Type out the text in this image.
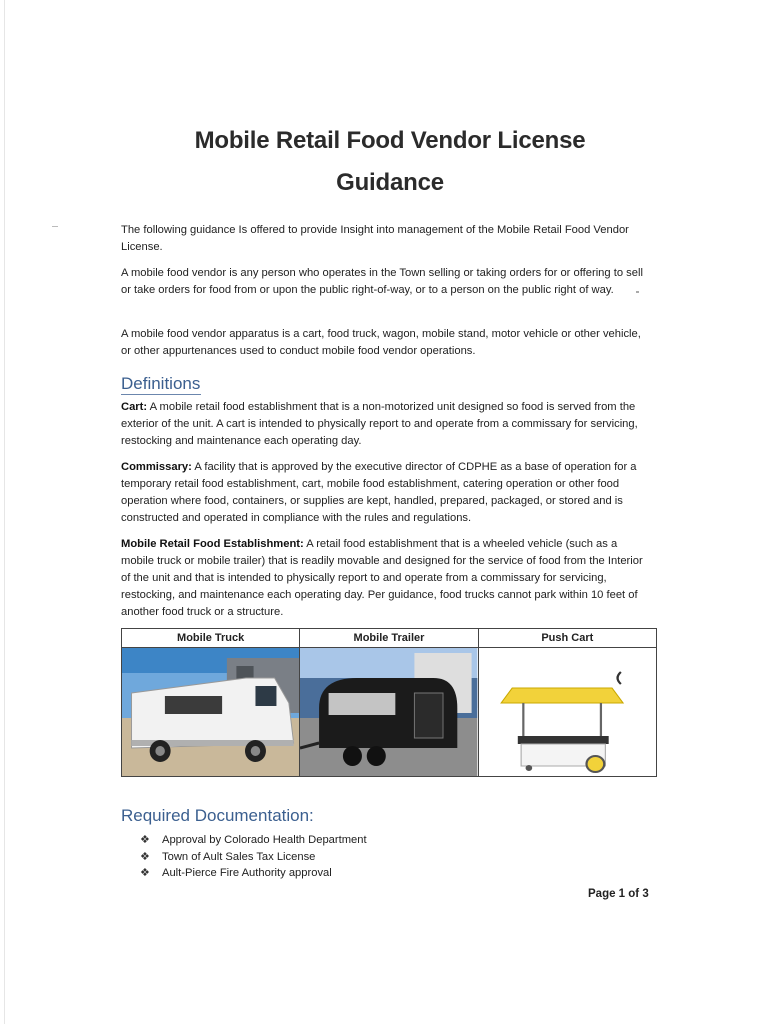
Mobile Retail Food Vendor License
Guidance
The following guidance Is offered to provide Insight into management of the Mobile Retail Food Vendor License.
A mobile food vendor is any person who operates in the Town selling or taking orders for or offering to sell or take orders for food from or upon the public right-of-way, or to a person on the public right of way.
A mobile food vendor apparatus is a cart, food truck, wagon, mobile stand, motor vehicle or other vehicle, or other appurtenances used to conduct mobile food vendor operations.
Definitions
Cart: A mobile retail food establishment that is a non-motorized unit designed so food is served from the exterior of the unit. A cart is intended to physically report to and operate from a commissary for servicing, restocking and maintenance each operating day.
Commissary: A facility that is approved by the executive director of CDPHE as a base of operation for a temporary retail food establishment, cart, mobile food establishment, catering operation or other food operation where food, containers, or supplies are kept, handled, prepared, packaged, or stored and is constructed and operated in compliance with the rules and regulations.
Mobile Retail Food Establishment: A retail food establishment that is a wheeled vehicle (such as a mobile truck or mobile trailer) that is readily movable and designed for the service of food from the Interior of the unit and that is intended to physically report to and operate from a commissary for servicing, restocking, and maintenance each operating day. Per guidance, food trucks cannot park within 10 feet of another food truck or a structure.
Mobile Truck	Mobile Trailer	Push Cart

Required Documentation:
❖ Approval by Colorado Health Department
❖ Town of Ault Sales Tax License
❖ Ault-Pierce Fire Authority approval
Page 1 of 3
